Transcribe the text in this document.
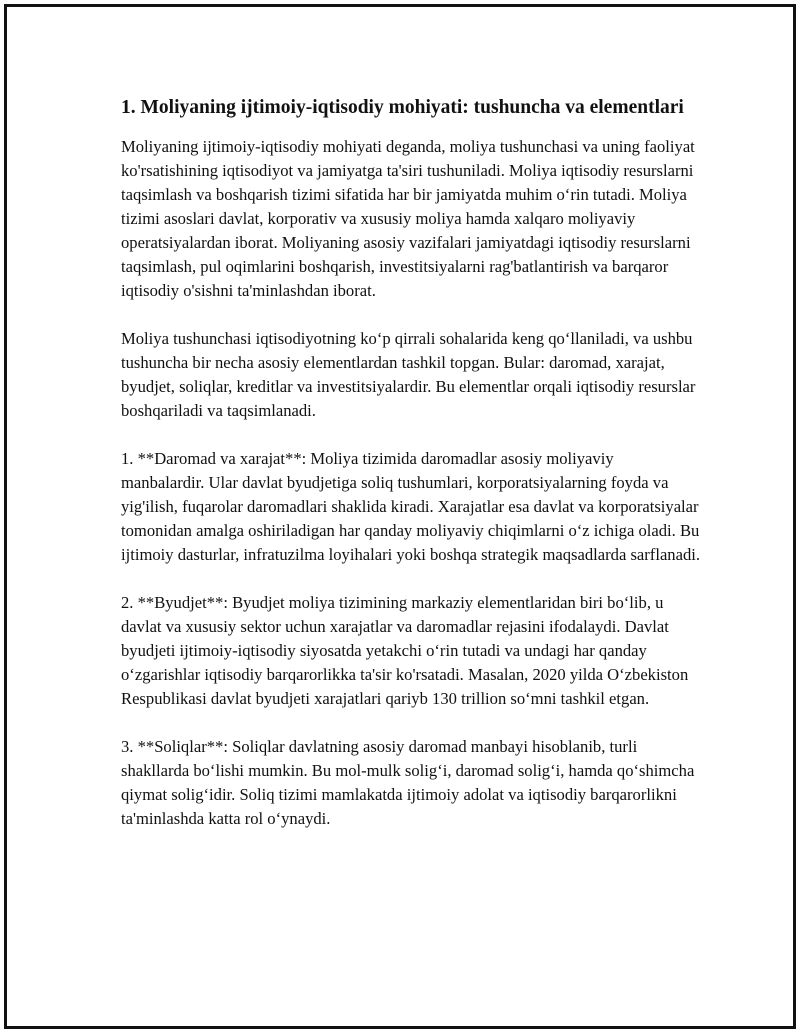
1. Moliyaning ijtimoiy-iqtisodiy mohiyati: tushuncha va elementlari

Moliyaning ijtimoiy-iqtisodiy mohiyati deganda, moliya tushunchasi va uning faoliyat ko'rsatishining iqtisodiyot va jamiyatga ta'siri tushuniladi. Moliya iqtisodiy resurslarni taqsimlash va boshqarish tizimi sifatida har bir jamiyatda muhim o‘rin tutadi. Moliya tizimi asoslari davlat, korporativ va xususiy moliya hamda xalqaro moliyaviy operatsiyalardan iborat. Moliyaning asosiy vazifalari jamiyatdagi iqtisodiy resurslarni taqsimlash, pul oqimlarini boshqarish, investitsiyalarni rag'batlantirish va barqaror iqtisodiy o'sishni ta'minlashdan iborat.

Moliya tushunchasi iqtisodiyotning ko‘p qirrali sohalarida keng qo‘llaniladi, va ushbu tushuncha bir necha asosiy elementlardan tashkil topgan. Bular: daromad, xarajat, byudjet, soliqlar, kreditlar va investitsiyalardir. Bu elementlar orqali iqtisodiy resurslar boshqariladi va taqsimlanadi.

1. **Daromad va xarajat**: Moliya tizimida daromadlar asosiy moliyaviy manbalardir. Ular davlat byudjetiga soliq tushumlari, korporatsiyalarning foyda va yig'ilish, fuqarolar daromadlari shaklida kiradi. Xarajatlar esa davlat va korporatsiyalar tomonidan amalga oshiriladigan har qanday moliyaviy chiqimlarni o‘z ichiga oladi. Bu ijtimoiy dasturlar, infratuzilma loyihalari yoki boshqa strategik maqsadlarda sarflanadi.

2. **Byudjet**: Byudjet moliya tizimining markaziy elementlaridan biri bo‘lib, u davlat va xususiy sektor uchun xarajatlar va daromadlar rejasini ifodalaydi. Davlat byudjeti ijtimoiy-iqtisodiy siyosatda yetakchi o‘rin tutadi va undagi har qanday o‘zgarishlar iqtisodiy barqarorlikka ta'sir ko'rsatadi. Masalan, 2020 yilda O‘zbekiston Respublikasi davlat byudjeti xarajatlari qariyb 130 trillion so‘mni tashkil etgan.

3. **Soliqlar**: Soliqlar davlatning asosiy daromad manbayi hisoblanib, turli shakllarda bo‘lishi mumkin. Bu mol-mulk solig‘i, daromad solig‘i, hamda qo‘shimcha qiymat solig‘idir. Soliq tizimi mamlakatda ijtimoiy adolat va iqtisodiy barqarorlikni ta'minlashda katta rol o‘ynaydi.
